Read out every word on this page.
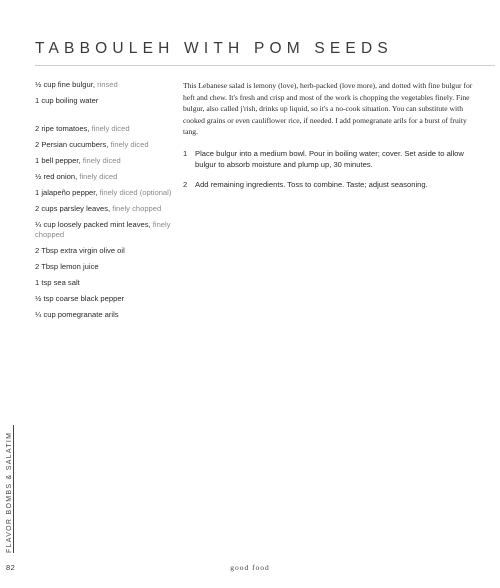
TABBOULEH WITH POM SEEDS

½ cup fine bulgur, rinsed

1 cup boiling water

2 ripe tomatoes, finely diced

2 Persian cucumbers, finely diced

1 bell pepper, finely diced

½ red onion, finely diced

1 jalapeño pepper, finely diced (optional)

2 cups parsley leaves, finely chopped

¼ cup loosely packed mint leaves, finely chopped

2 Tbsp extra virgin olive oil

2 Tbsp lemon juice

1 tsp sea salt

½ tsp coarse black pepper

¼ cup pomegranate arils

This Lebanese salad is lemony (love), herb-packed (love more), and dotted with fine bulgur for heft and chew. It's fresh and crisp and most of the work is chopping the vegetables finely. Fine bulgur, also called j'rish, drinks up liquid, so it's a no-cook situation. You can substitute with cooked grains or even cauliflower rice, if needed. I add pomegranate arils for a burst of fruity tang.
1 Place bulgur into a medium bowl. Pour in boiling water; cover. Set aside to allow bulgur to absorb moisture and plump up, 30 minutes.
2 Add remaining ingredients. Toss to combine. Taste; adjust seasoning.
FLAVOR BOMBS & SALATIM
82	good food
